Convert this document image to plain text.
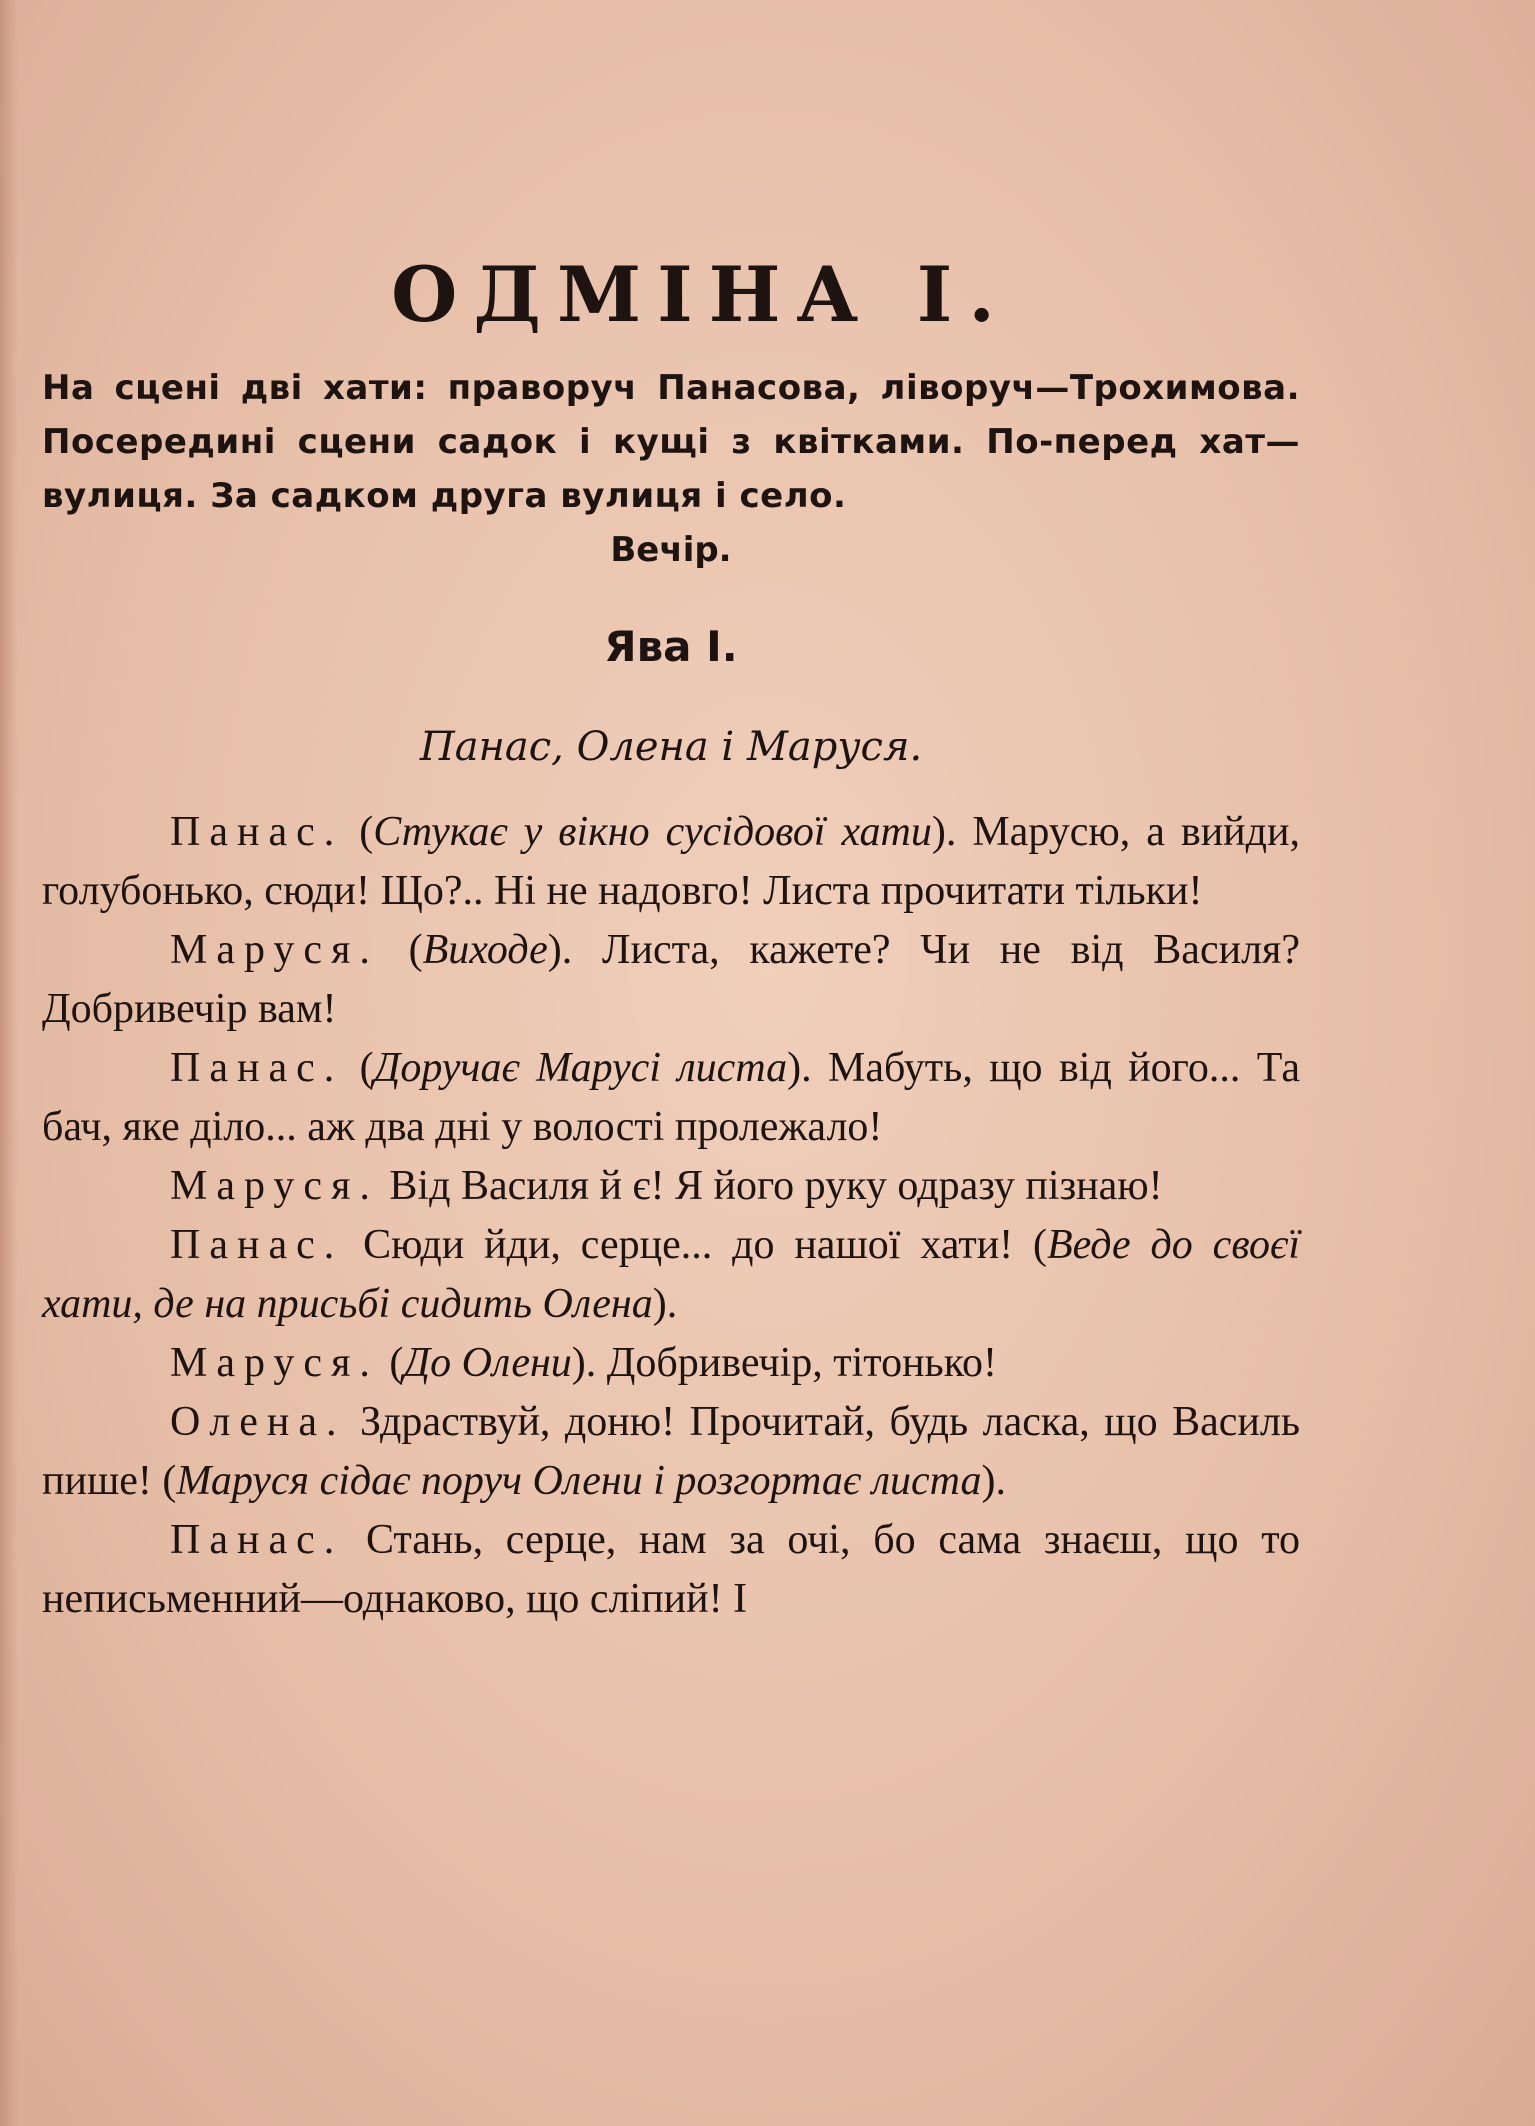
ОДМІНА І.

На сцені дві хати: праворуч Панасова, ліворуч—Трохимова. Посередині сцени садок і кущі з квітками. По-перед хат—вулиця. За садком друга вулиця і село.

Вечір.

Ява І.
Панас, Олена і Маруся.

Панас. (Стукає у вікно сусідової хати). Марусю, а вийди, голубонько, сюди! Що?.. Ні не надовго! Листа прочитати тільки!

Маруся. (Виходе). Листа, кажете? Чи не від Василя? Добривечір вам!

Панас. (Доручає Марусі листа). Мабуть, що від його... Та бач, яке діло... аж два дні у волості пролежало!

Маруся. Від Василя й є! Я його руку одразу пізнаю!

Панас. Сюди йди, серце... до нашої хати! (Веде до своєї хати, де на присьбі сидить Олена).

Маруся. (До Олени). Добривечір, тітонько!

Олена. Здраствуй, доню! Прочитай, будь ласка, що Василь пише! (Маруся сідає поруч Олени і розгортає листа).

Панас. Стань, серце, нам за очі, бо сама знаєш, що то неписьменний—однаково, що сліпий! І
